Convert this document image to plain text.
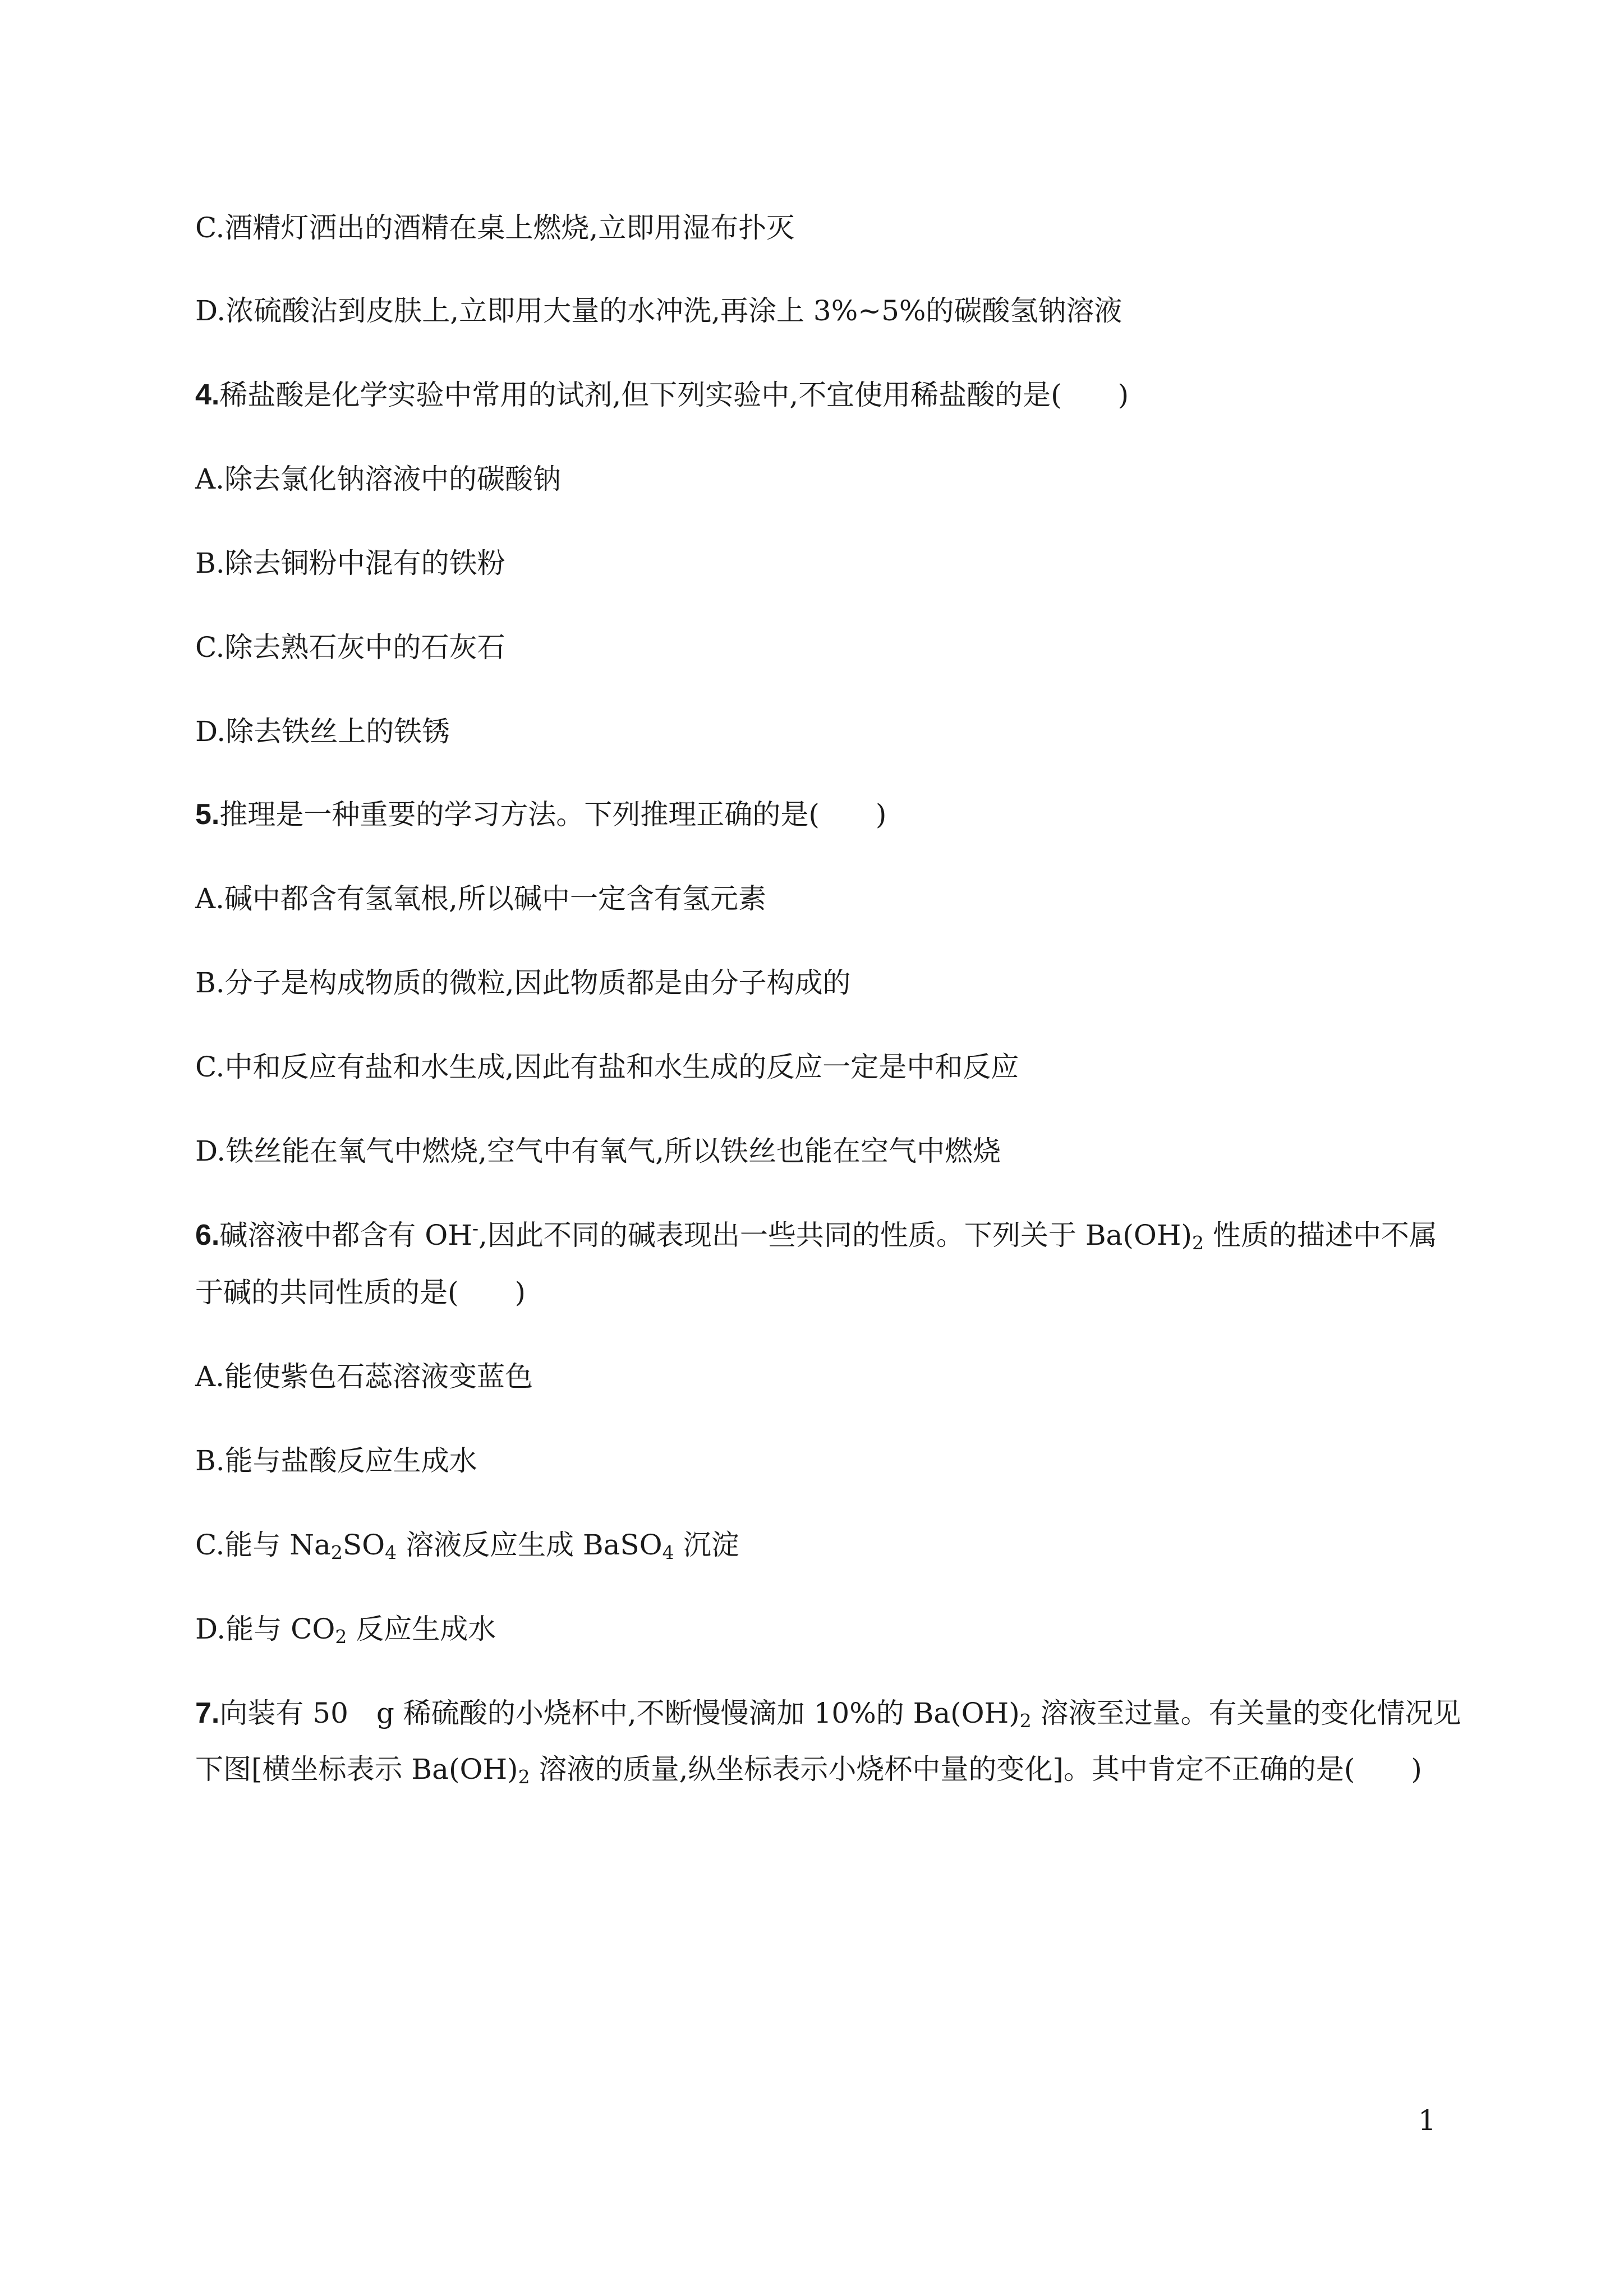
C.酒精灯洒出的酒精在桌上燃烧,立即用湿布扑灭
D.浓硫酸沾到皮肤上,立即用大量的水冲洗,再涂上 3%~5%的碳酸氢钠溶液
4.稀盐酸是化学实验中常用的试剂,但下列实验中,不宜使用稀盐酸的是(　　)
A.除去氯化钠溶液中的碳酸钠
B.除去铜粉中混有的铁粉
C.除去熟石灰中的石灰石
D.除去铁丝上的铁锈
5.推理是一种重要的学习方法。下列推理正确的是(　　)
A.碱中都含有氢氧根,所以碱中一定含有氢元素
B.分子是构成物质的微粒,因此物质都是由分子构成的
C.中和反应有盐和水生成,因此有盐和水生成的反应一定是中和反应
D.铁丝能在氧气中燃烧,空气中有氧气,所以铁丝也能在空气中燃烧
6.碱溶液中都含有 OH-,因此不同的碱表现出一些共同的性质。下列关于 $Ba(OH)_2$ 性质的描述中不属
于碱的共同性质的是(　　)
A.能使紫色石蕊溶液变蓝色
B.能与盐酸反应生成水
C.能与 $Na_2SO_4$ 溶液反应生成 BaSO$_4$ 沉淀
D.能与 $CO_2$ 反应生成水
7.向装有 50　g 稀硫酸的小烧杯中,不断慢慢滴加 10%的 $Ba(OH)_2$ 溶液至过量。有关量的变化情况见
下图[横坐标表示 $Ba(OH)_2$ 溶液的质量,纵坐标表示小烧杯中量的变化]。其中肯定不正确的是(　　)
1
